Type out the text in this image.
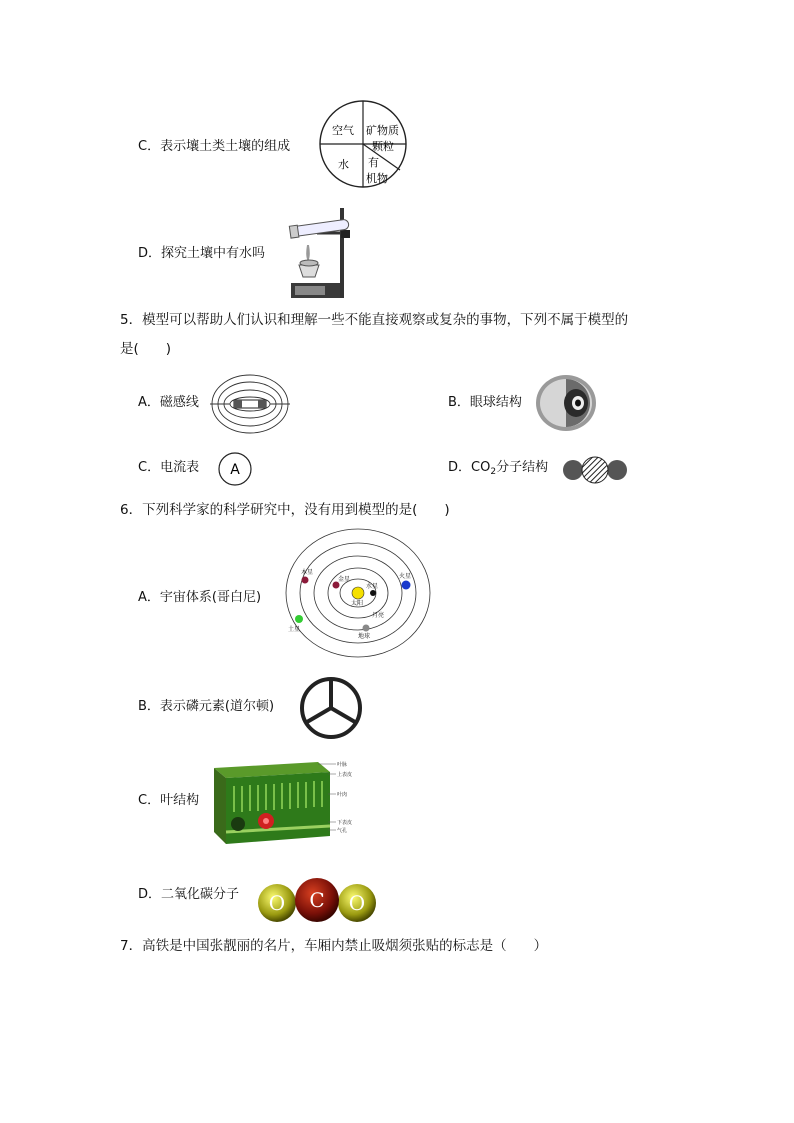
C．表示壤土类土壤的组成
空气 矿物质
颗粒
水 有
机物
D．探究土壤中有水吗
5．模型可以帮助人们认识和理解一些不能直接观察或复杂的事物，下列不属于模型的
是(　　)
A．磁感线	B．眼球结构
C．电流表 A	D．$CO_2$分子结构
6．下列科学家的科学研究中，没有用到模型的是(　　)
A．宇宙体系(哥白尼)
木星
金星
水星
火星
太阳
月亮
土星
地球
B．表示磷元素(道尔顿)
C．叶结构
叶脉
上表皮
叶肉
下表皮
气孔
D．二氧化碳分子 O C O
7．高铁是中国张靓丽的名片，车厢内禁止吸烟须张贴的标志是（　　）
